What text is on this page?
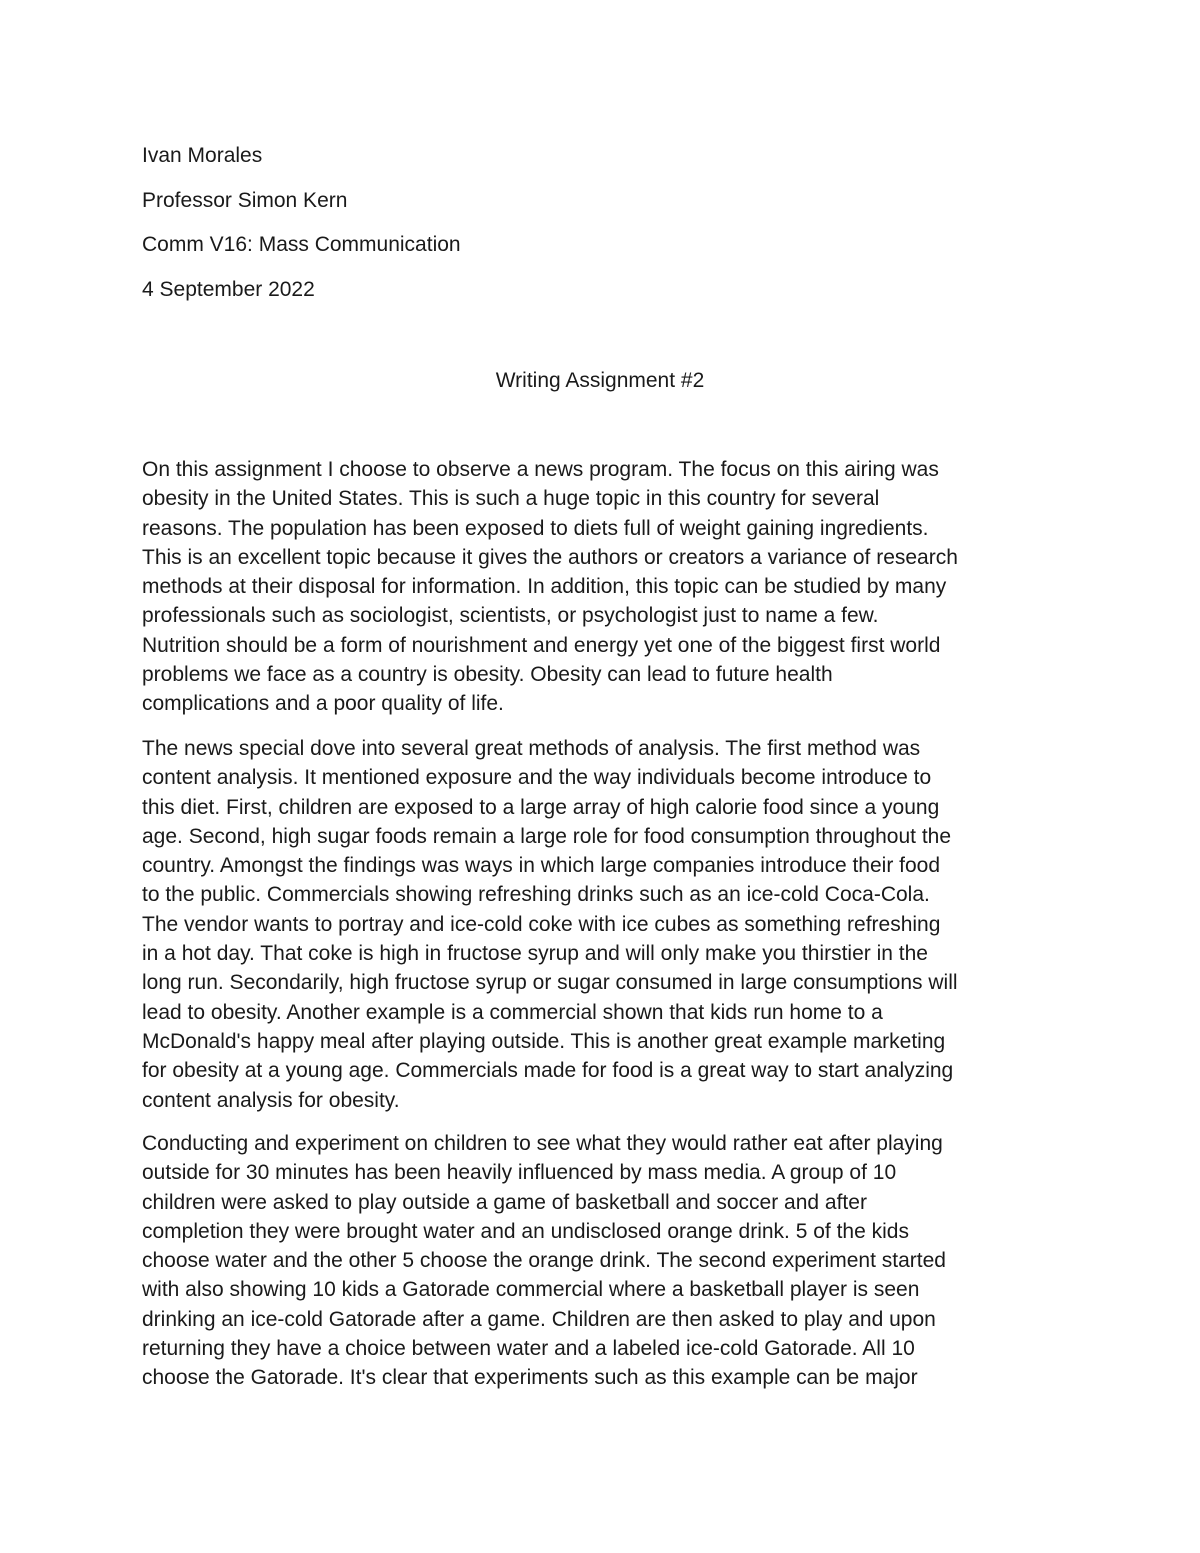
Ivan Morales
Professor Simon Kern
Comm V16: Mass Communication
4 September 2022
Writing Assignment #2
On this assignment I choose to observe a news program. The focus on this airing was
obesity in the United States. This is such a huge topic in this country for several
reasons. The population has been exposed to diets full of weight gaining ingredients.
This is an excellent topic because it gives the authors or creators a variance of research
methods at their disposal for information. In addition, this topic can be studied by many
professionals such as sociologist, scientists, or psychologist just to name a few.
Nutrition should be a form of nourishment and energy yet one of the biggest first world
problems we face as a country is obesity. Obesity can lead to future health
complications and a poor quality of life.
The news special dove into several great methods of analysis. The first method was
content analysis. It mentioned exposure and the way individuals become introduce to
this diet. First, children are exposed to a large array of high calorie food since a young
age. Second, high sugar foods remain a large role for food consumption throughout the
country. Amongst the findings was ways in which large companies introduce their food
to the public. Commercials showing refreshing drinks such as an ice-cold Coca-Cola.
The vendor wants to portray and ice-cold coke with ice cubes as something refreshing
in a hot day. That coke is high in fructose syrup and will only make you thirstier in the
long run. Secondarily, high fructose syrup or sugar consumed in large consumptions will
lead to obesity. Another example is a commercial shown that kids run home to a
McDonald's happy meal after playing outside. This is another great example marketing
for obesity at a young age. Commercials made for food is a great way to start analyzing
content analysis for obesity.
Conducting and experiment on children to see what they would rather eat after playing
outside for 30 minutes has been heavily influenced by mass media. A group of 10
children were asked to play outside a game of basketball and soccer and after
completion they were brought water and an undisclosed orange drink. 5 of the kids
choose water and the other 5 choose the orange drink. The second experiment started
with also showing 10 kids a Gatorade commercial where a basketball player is seen
drinking an ice-cold Gatorade after a game. Children are then asked to play and upon
returning they have a choice between water and a labeled ice-cold Gatorade. All 10
choose the Gatorade. It's clear that experiments such as this example can be major
